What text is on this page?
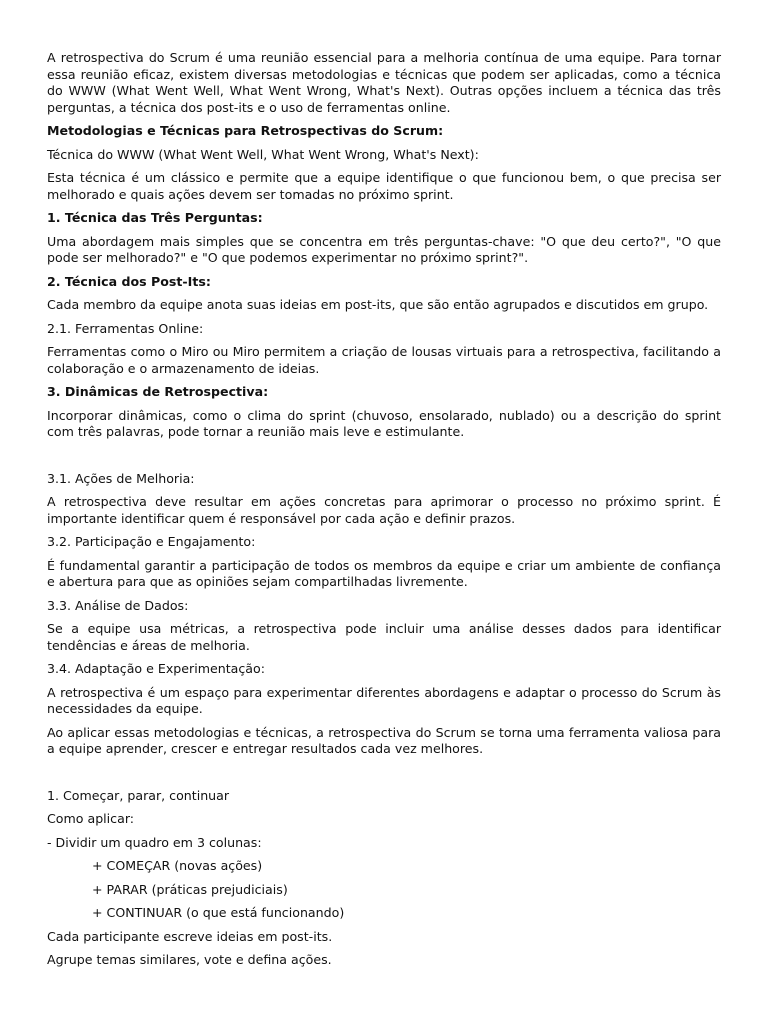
A retrospectiva do Scrum é uma reunião essencial para a melhoria contínua de uma equipe. Para tornar essa reunião eficaz, existem diversas metodologias e técnicas que podem ser aplicadas, como a técnica do WWW (What Went Well, What Went Wrong, What's Next). Outras opções incluem a técnica das três perguntas, a técnica dos post-its e o uso de ferramentas online.

Metodologias e Técnicas para Retrospectivas do Scrum:

Técnica do WWW (What Went Well, What Went Wrong, What's Next):

Esta técnica é um clássico e permite que a equipe identifique o que funcionou bem, o que precisa ser melhorado e quais ações devem ser tomadas no próximo sprint.

1. Técnica das Três Perguntas:

Uma abordagem mais simples que se concentra em três perguntas-chave: "O que deu certo?", "O que pode ser melhorado?" e "O que podemos experimentar no próximo sprint?".

2. Técnica dos Post-Its:

Cada membro da equipe anota suas ideias em post-its, que são então agrupados e discutidos em grupo.

2.1. Ferramentas Online:

Ferramentas como o Miro ou Miro permitem a criação de lousas virtuais para a retrospectiva, facilitando a colaboração e o armazenamento de ideias.

3. Dinâmicas de Retrospectiva:

Incorporar dinâmicas, como o clima do sprint (chuvoso, ensolarado, nublado) ou a descrição do sprint com três palavras, pode tornar a reunião mais leve e estimulante.

3.1. Ações de Melhoria:

A retrospectiva deve resultar em ações concretas para aprimorar o processo no próximo sprint. É importante identificar quem é responsável por cada ação e definir prazos.

3.2. Participação e Engajamento:

É fundamental garantir a participação de todos os membros da equipe e criar um ambiente de confiança e abertura para que as opiniões sejam compartilhadas livremente.

3.3. Análise de Dados:

Se a equipe usa métricas, a retrospectiva pode incluir uma análise desses dados para identificar tendências e áreas de melhoria.

3.4. Adaptação e Experimentação:

A retrospectiva é um espaço para experimentar diferentes abordagens e adaptar o processo do Scrum às necessidades da equipe.

Ao aplicar essas metodologias e técnicas, a retrospectiva do Scrum se torna uma ferramenta valiosa para a equipe aprender, crescer e entregar resultados cada vez melhores.

1. Começar, parar, continuar

Como aplicar:

- Dividir um quadro em 3 colunas:

+ COMEÇAR (novas ações)

+ PARAR (práticas prejudiciais)

+ CONTINUAR (o que está funcionando)

Cada participante escreve ideias em post-its.

Agrupe temas similares, vote e defina ações.
